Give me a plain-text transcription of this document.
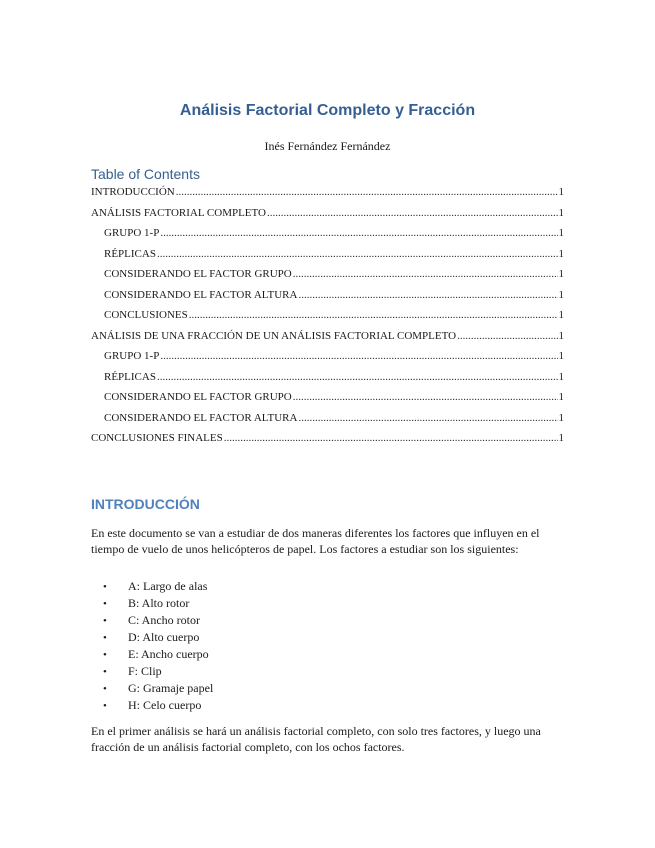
Análisis Factorial Completo y Fracción
Inés Fernández Fernández
Table of Contents
INTRODUCCIÓN .....	1
ANÁLISIS FACTORIAL COMPLETO .....	1
GRUPO 1-P .....	1
RÉPLICAS .....	1
CONSIDERANDO EL FACTOR GRUPO .....	1
CONSIDERANDO EL FACTOR ALTURA .....	1
CONCLUSIONES .....	1
ANÁLISIS DE UNA FRACCIÓN DE UN ANÁLISIS FACTORIAL COMPLETO .....	1
GRUPO 1-P .....	1
RÉPLICAS .....	1
CONSIDERANDO EL FACTOR GRUPO .....	1
CONSIDERANDO EL FACTOR ALTURA .....	1
CONCLUSIONES FINALES .....	1
INTRODUCCIÓN

En este documento se van a estudiar de dos maneras diferentes los factores que influyen en el tiempo de vuelo de unos helicópteros de papel. Los factores a estudiar son los siguientes:

•	A: Largo de alas
•	B: Alto rotor
•	C: Ancho rotor
•	D: Alto cuerpo
•	E: Ancho cuerpo
•	F: Clip
•	G: Gramaje papel
•	H: Celo cuerpo

En el primer análisis se hará un análisis factorial completo, con solo tres factores, y luego una fracción de un análisis factorial completo, con los ochos factores.
